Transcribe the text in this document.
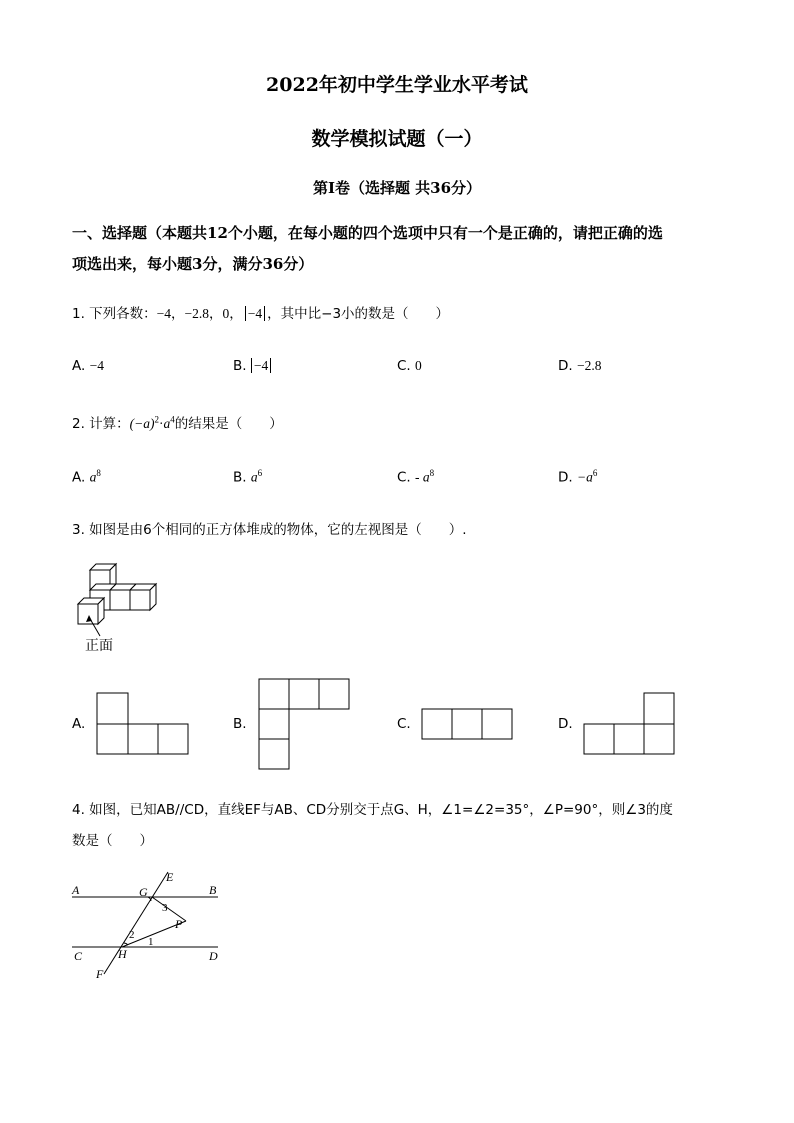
2022年初中学生学业水平考试
数学模拟试题（一）
第I卷（选择题 共36分）
一、选择题（本题共12个小题，在每小题的四个选项中只有一个是正确的，请把正确的选
项选出来，每小题3分，满分36分）
1. 下列各数：−4，−2.8，0， −4 ，其中比−3小的数是（　　）
A. −4	B. −4	C. 0	D. −2.8
2. 计算：$(-a)^2\cdot a^4$的结果是（　　）
A. $a^8$	B. $a^6$	C. - $a^8$	D. $-a^6$
3. 如图是由6个相同的正方体堆成的物体，它的左视图是（　　）.
正面
A.	B.	C.	D.
4. 如图，已知AB//CD，直线EF与AB、CD分别交于点G、H，∠1=∠2=35°，∠P=90°，则∠3的度
数是（　　）
A	B
C	D
E
F
G
H
P
1
2
3
